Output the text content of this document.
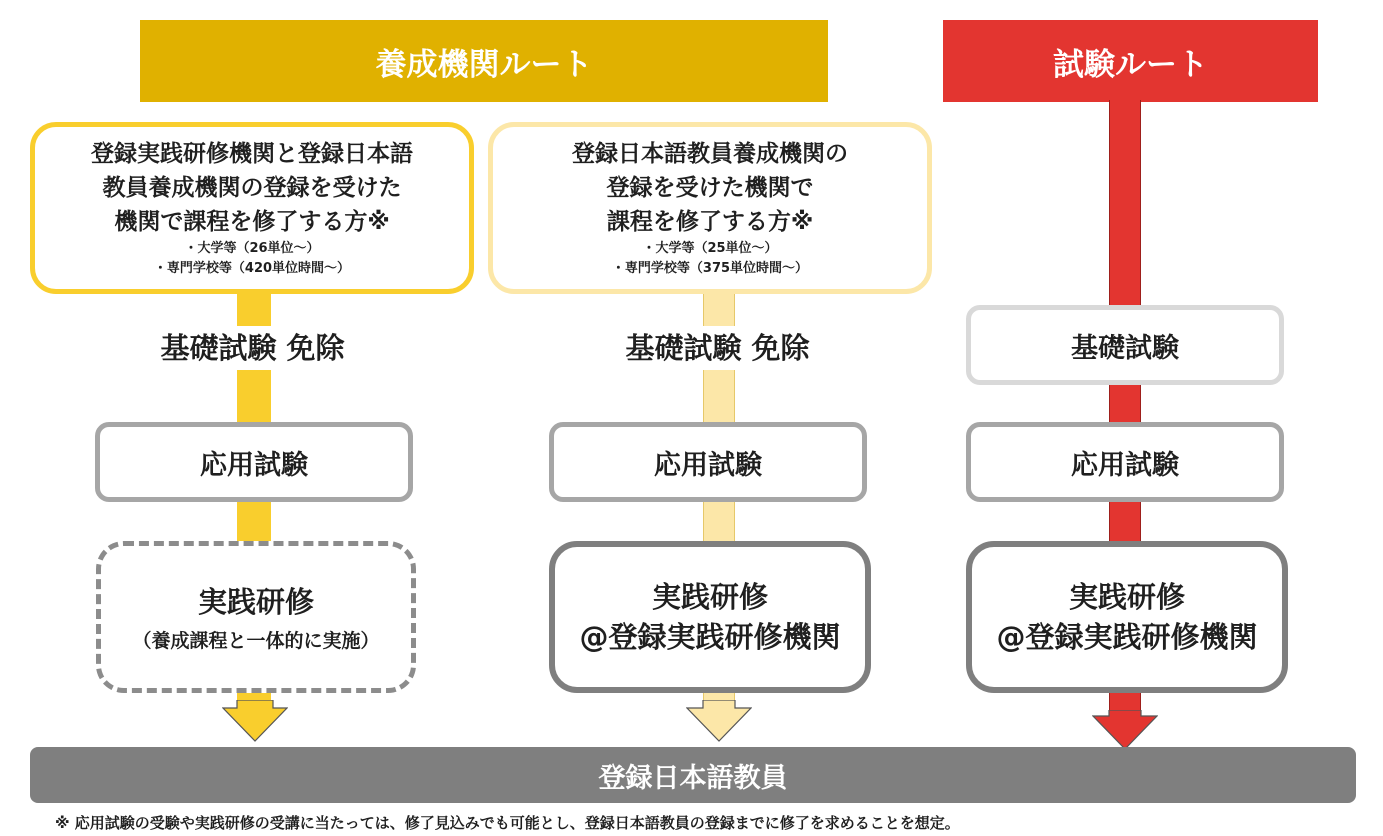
養成機関ルート	試験ルート
登録実践研修機関と登録日本語
教員養成機関の登録を受けた
機関で課程を修了する方※
・大学等（26単位～）
・専門学校等（420単位時間～）
基礎試験 免除
応用試験
実践研修
（養成課程と一体的に実施）
登録日本語教員養成機関の
登録を受けた機関で
課程を修了する方※
・大学等（25単位～）
・専門学校等（375単位時間～）
基礎試験 免除
応用試験
実践研修
@登録実践研修機関
基礎試験
応用試験
実践研修
@登録実践研修機関
登録日本語教員
※ 応用試験の受験や実践研修の受講に当たっては、修了見込みでも可能とし、登録日本語教員の登録までに修了を求めることを想定。
